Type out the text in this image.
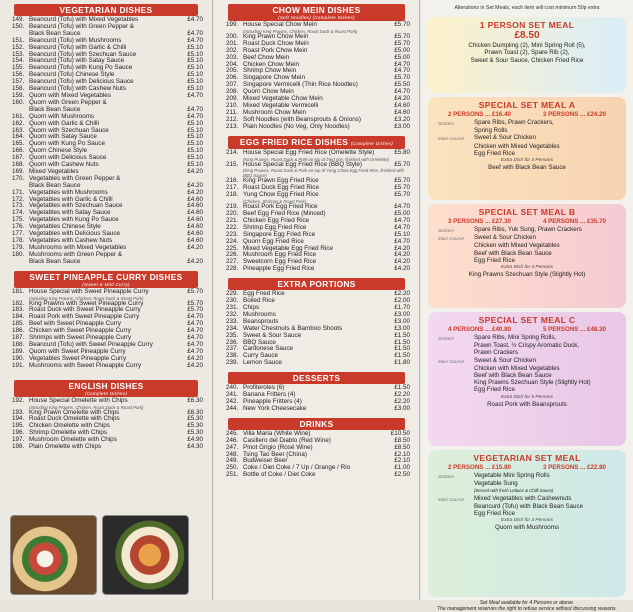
VEGETARIAN DISHES
149. Beancurd (Tofu) with Mixed Vegetables	£4.70
150. Beancurd (Tofu) with Green Pepper &
Black Bean Sauce	£4.70
151. Beancurd (Tofu) with Mushrooms	£4.70
152. Beancurd (Tofu) with Garlic & Chilli	£5.10
153. Beancurd (Tofu) with Szechuan Sauce	£5.10
154. Beancurd (Tofu) with Satay Sauce	£5.10
155. Beancurd (Tofu) with Kung Po Sauce	£5.10
156. Beancurd (Tofu) Chinese Style	£5.10
157. Beancurd (Tofu) with Delicious Sauce	£5.10
158. Beancurd (Tofu) with Cashew Nuts	£5.10
159. Quorn with Mixed Vegetables	£4.70
160. Quorn with Green Pepper &
Black Bean Sauce	£4.70
161. Quorn with Mushrooms	£4.70
162. Quorn with Garlic & Chilli	£5.10
163. Quorn with Szechuan Sauce	£5.10
164. Quorn with Satay Sauce	£5.10
165. Quorn with Kung Po Sauce	£5.10
166. Quorn Chinese Style	£5.10
167. Quorn with Delicious Sauce	£5.10
168. Quorn with Cashew Nuts	£5.10
169. Mixed Vegetables	£4.20
170. Vegetables with Green Pepper &
Black Bean Sauce	£4.20
171. Vegetables with Mushrooms	£4.20
172. Vegetables with Garlic & Chilli	£4.60
173. Vegetables with Szechuan Sauce	£4.60
174. Vegetables with Satay Sauce	£4.60
175. Vegetables with Kung Po Sauce	£4.60
176. Vegetables Chinese Style	£4.60
177. Vegetables with Delicious Sauce	£4.60
178. Vegetables with Cashew Nuts	£4.60
179. Mushrooms with Mixed Vegetables	£4.20
180. Mushrooms with Green Pepper &
Black Bean Sauce	£4.20
SWEET PINEAPPLE CURRY DISHES
(Sweet & Mild Curry)
181. House Special with Sweet Pineapple Curry	£5.70
(Including King Prawns, Chicken, Roast Duck & Roast Pork)
182. King Prawns with Sweet Pineapple Curry	£5.70
183. Roast Duck with Sweet Pineapple Curry	£5.70
184. Roast Pork with Sweet Pineapple Curry	£4.70
185. Beef with Sweet Pineapple Curry	£4.70
186. Chicken with Sweet Pineapple Curry	£4.70
187. Shrimps with Sweet Pineapple Curry	£4.70
188. Beancurd (Tofu) with Sweet Pineapple Curry	£4.70
189. Quorn with Sweet Pineapple Curry	£4.70
190. Vegetables Sweet Pineapple Curry	£4.20
191. Mushrooms with Sweet Pineapple Curry	£4.20
ENGLISH DISHES
(Complete Dishes)
192. House Special Omelette with Chips	£6.30
(Including King Prawns, Chicken, Roast Duck & Roast Pork)
193. King Prawn Omelette with Chips	£6.30
194. Roast Duck Omelette with Chips	£5.30
195. Chicken Omelette with Chips	£5.30
196. Shrimp Omelette with Chips	£5.30
197. Mushroom Omelette with Chips	£4.90
198. Plain Omelette with Chips	£4.30
CHOW MEIN DISHES
(Soft Noodles) (Complete Dishes)
199. House Special Chow Mein	£5.70
(Including King Prawns, Chicken, Roast Duck & Roast Pork)
200. King Prawn Chow Mein	£5.70
201. Roast Duck Chow Mein	£5.70
202. Roast Pork Chow Mein	£5.00
203. Beef Chow Mein	£5.00
204. Chicken Chow Mein	£4.70
205. Shrimp Chow Mein	£4.70
206. Singapore Chow Mein	£5.70
207. Singapore Vermicelli (Thin Rice Noodles)	£5.50
208. Quorn Chow Mein	£4.70
209. Mixed Vegetable Chow Mein	£4.20
210. Mixed Vegetable Vermicelli	£4.60
211. Mushroom Chow Mein	£4.60
212. Soft Noodles (with Beansprouts & Onions)	£3.20
213. Plain Noodles (No Veg, Only Noodles)	£3.00
EGG FRIED RICE DISHES (Complete Dishes)
214. House Special Egg Fried Rice (Omelette Style)	£5.80
(King Prawns, Roast Duck & Pork on top of fried rice, finished with Omelette)
215. House Special Egg Fried Rice (BBQ Style)	£5.70
(King Prawns, Roast Duck & Pork on top of Yung Chow Egg Fried Rice, finished with BBQ Sauce)
216. King Prawn Egg Fried Rice	£5.70
217. Roast Duck Egg Fried Rice	£5.70
218. Yung Chow Egg Fried Rice	£5.70
(Chicken, Shrimps & Roast Pork)
219. Roast Pork Egg Fried Rice	£4.70
220. Beef Egg Fried Rice (Minced)	£5.00
221. Chicken Egg Fried Rice	£4.70
222. Shrimp Egg Fried Rice	£4.70
223. Singapore Egg Fried Rice	£5.10
224. Quorn Egg Fried Rice	£4.70
225. Mixed Vegetable Egg Fried Rice	£4.20
226. Mushroom Egg Fried Rice	£4.20
227. Sweetcorn Egg Fried Rice	£4.20
228. Pineapple Egg Fried Rice	£4.20
EXTRA PORTIONS
229. Egg Fried Rice	£2.20
230. Boiled Rice	£2.00
231. Chips	£1.70
232. Mushrooms	£3.00
233. Beansprouts	£3.00
234. Water Chestnuts & Bamboo Shoots	£3.00
235. Sweet & Sour Sauce	£1.50
236. BBQ Sauce	£1.50
237. Cantonese Sauce	£1.50
238. Curry Sauce	£1.50
239. Lemon Sauce	£1.80
DESSERTS
240. Profiteroles (6)	£1.50
241. Banana Fritters (4)	£2.20
242. Pineapple Fritters (4)	£2.20
244. New York Cheesecake	£3.00
DRINKS
245. Villa Maria (White Wine)	£10.50
246. Casillero del Diablo (Red Wine)	£8.50
247. Pinot Grigio (Rosé Wine)	£8.50
248. Tsing Tao Beer (China)	£2.10
249. Budweiser Beer	£2.10
250. Coke / Diet Coke / 7 Up / Orange / Rio	£1.00
251. Bottle of Coke / Diet Coke	£2.50
Alterations in Set Meals, each item will cost minimum 50p extra
1 PERSON SET MEAL
£8.50
Chicken Dumpling (2), Mini Spring Roll (5),
Prawn Toast (2), Spare Rib (2),
Sweet & Sour Sauce, Chicken Fried Rice
SPECIAL SET MEAL A
2 PERSONS ... £16.40	3 PERSONS ... £24.20
Starters	Spare Ribs, Prawn Crackers,
Spring Rolls
Main Course	Sweet & Sour Chicken
Chicken with Mixed Vegetables
Egg Fried Rice
Extra Dish for 3 Persons
Beef with Black Bean Sauce
SPECIAL SET MEAL B
3 PERSONS ... £27.30	4 PERSONS ... £35.70
Starters	Spare Ribs, Yuk Sung, Prawn Crackers
Main Course	Sweet & Sour Chicken
Chicken with Mixed Vegetables
Beef with Black Bean Sauce
Egg Fried Rice
Extra Dish for 4 Persons
King Prawns Szechuan Style (Slightly Hot)
SPECIAL SET MEAL C
4 PERSONS ... £40.80	5 PERSONS ... £48.30
Starters	Spare Ribs, Mini Spring Rolls,
Prawn Toast, ½ Crispy Aromatic Duck,
Prawn Crackers
Main Course	Sweet & Sour Chicken
Chicken with Mixed Vegetables
Beef with Black Bean Sauce
King Prawns Szechuan Style (Slightly Hot)
Egg Fried Rice
Extra Dish for 5 Persons
Roast Pork with Beansprouts
VEGETARIAN SET MEAL
2 PERSONS ... £15.80	3 PERSONS ... £22.80
Starters	Vegetable Mini Spring Rolls
Vegetable Sung
(Served with fresh Lettuce & Chilli Sauce)
Main Course	Mixed Vegetables with Cashewnuts
Beancurd (Tofu) with Black Bean Sauce
Egg Fried Rice
Extra Dish for 3 Persons
Quorn with Mushrooms
Set Meal available for 4 Persons or above.
The management reserves the right to refuse service without discussing reasons.
